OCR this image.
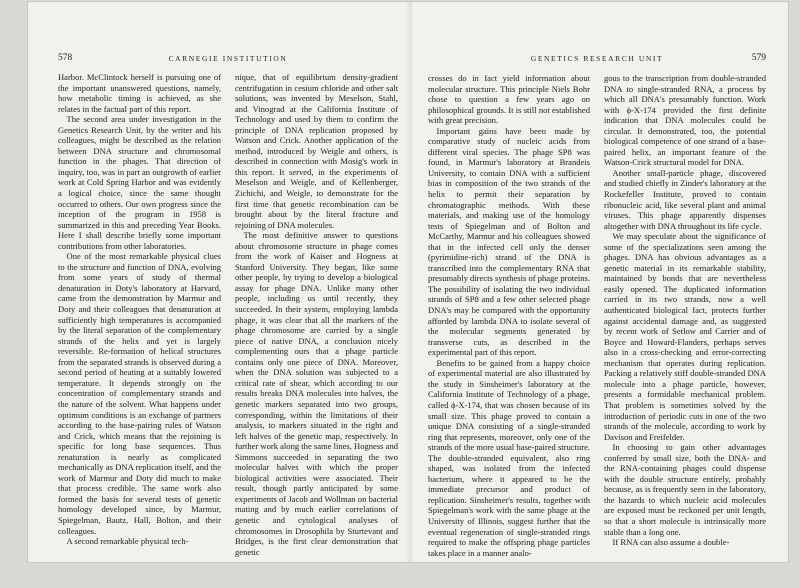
578	CARNEGIE INSTITUTION

Harbor. McClintock herself is pursuing one of the important unanswered questions, namely, how metabolic timing is achieved, as she relates in the factual part of this report.

The second area under investigation in the Genetics Research Unit, by the writer and his colleagues, might be described as the relation between DNA structure and chromosomal function in the phages. That direction of inquiry, too, was in part an outgrowth of earlier work at Cold Spring Harbor and was evidently a logical choice, since the same thought occurred to others. Our own progress since the inception of the program in 1958 is summarized in this and preceding Year Books. Here I shall describe briefly some important contributions from other laboratories.

One of the most remarkable physical clues to the structure and function of DNA, evolving from some years of study of thermal denaturation in Doty's laboratory at Harvard, came from the demonstration by Marmur and Doty and their colleagues that denaturation at sufficiently high temperatures is accompanied by the literal separation of the complementary strands of the helix and yet is largely reversible. Re-formation of helical structures from the separated strands is observed during a second period of heating at a suitably lowered temperature. It depends strongly on the concentration of complementary strands and the nature of the solvent. What happens under optimum conditions is an exchange of partners according to the base-pairing rules of Watson and Crick, which means that the rejoining is specific for long base sequences. Thus renaturation is nearly as complicated mechanically as DNA replication itself, and the work of Marmur and Doty did much to make that process credible. The same work also formed the basis for several tests of genetic homology developed since, by Marmur, Spiegelman, Bautz, Hall, Bolton, and their colleagues.

A second remarkable physical tech-

nique, that of equilibrium density-gradient centrifugation in cesium chloride and other salt solutions, was invented by Meselson, Stahl, and Vinograd at the California Institute of Technology and used by them to confirm the principle of DNA replication proposed by Watson and Crick. Another application of the method, introduced by Weigle and others, is described in connection with Mosig's work in this report. It served, in the experiments of Meselson and Weigle, and of Kellenberger, Zichichi, and Weigle, to demonstrate for the first time that genetic recombination can be brought about by the literal fracture and rejoining of DNA molecules.

The most definitive answer to questions about chromosome structure in phage comes from the work of Kaiser and Hogness at Stanford University. They began, like some other people, by trying to develop a biological assay for phage DNA. Unlike many other people, including us until recently, they succeeded. In their system, employing lambda phage, it was clear that all the markers of the phage chromosome are carried by a single piece of native DNA, a conclusion nicely complementing ours that a phage particle contains only one piece of DNA. Moreover, when the DNA solution was subjected to a critical rate of shear, which according to our results breaks DNA molecules into halves, the genetic markers separated into two groups, corresponding, within the limitations of their analysis, to markers situated in the right and left halves of the genetic map, respectively. In further work along the same lines, Hogness and Simmons succeeded in separating the two molecular halves with which the proper biological activities were associated. Their result, though partly anticipated by some experiments of Jacob and Wollman on bacterial mating and by much earlier correlations of genetic and cytological analyses of chromosomes in Drosophila by Sturtevant and Bridges, is the first clear demonstration that genetic

GENETICS RESEARCH UNIT	579

crosses do in fact yield information about molecular structure. This principle Niels Bohr chose to question a few years ago on philosophical grounds. It is still not established with great precision.

Important gains have been made by comparative study of nucleic acids from different viral species. The phage SP8 was found, in Marmur's laboratory at Brandeis University, to contain DNA with a sufficient bias in composition of the two strands of the helix to permit their separation by chromatographic methods. With these materials, and making use of the homology tests of Spiegelman and of Bolton and McCarthy, Marmur and his colleagues showed that in the infected cell only the denser (pyrimidine-rich) strand of the DNA is transcribed into the complementary RNA that presumably directs synthesis of phage proteins. The possibility of isolating the two individual strands of SP8 and a few other selected phage DNA's may be compared with the opportunity afforded by lambda DNA to isolate several of the molecular segments generated by transverse cuts, as described in the experimental part of this report.

Benefits to be gained from a happy choice of experimental material are also illustrated by the study in Sinsheimer's laboratory at the California Institute of Technology of a phage, called ϕ-X-174, that was chosen because of its small size. This phage proved to contain a unique DNA consisting of a single-stranded ring that represents, moreover, only one of the strands of the more usual base-paired structure. The double-stranded equivalent, also ring shaped, was isolated from the infected bacterium, where it appeared to be the immediate precursor and product of replication. Sinsheimer's results, together with Spiegelman's work with the same phage at the University of Illinois, suggest further that the eventual regeneration of single-stranded rings required to make the offspring phage particles takes place in a manner analo-

gous to the transcription from double-stranded DNA to single-stranded RNA, a process by which all DNA's presumably function. Work with ϕ-X-174 provided the first definite indication that DNA molecules could be circular. It demonstrated, too, the potential biological competence of one strand of a base-paired helix, an important feature of the Watson-Crick structural model for DNA.

Another small-particle phage, discovered and studied chiefly in Zinder's laboratory at the Rockefeller Institute, proved to contain ribonucleic acid, like several plant and animal viruses. This phage apparently dispenses altogether with DNA throughout its life cycle.

We may speculate about the significance of some of the specializations seen among the phages. DNA has obvious advantages as a genetic material in its remarkable stability, maintained by bonds that are nevertheless easily opened. The duplicated information carried in its two strands, now a well authenticated biological fact, protects further against accidental damage and, as suggested by recent work of Setlow and Carrier and of Boyce and Howard-Flanders, perhaps serves also in a cross-checking and error-correcting mechanism that operates during replication. Packing a relatively stiff double-stranded DNA molecule into a phage particle, however, presents a formidable mechanical problem. That problem is sometimes solved by the introduction of periodic cuts in one of the two strands of the molecule, according to work by Davison and Freifelder.

In choosing to gain other advantages conferred by small size, both the DNA- and the RNA-containing phages could dispense with the double structure entirely, probably because, as is frequently seen in the laboratory, the hazards to which nucleic acid molecules are exposed must be reckoned per unit length, so that a short molecule is intrinsically more stable than a long one.

If RNA can also assume a double-
